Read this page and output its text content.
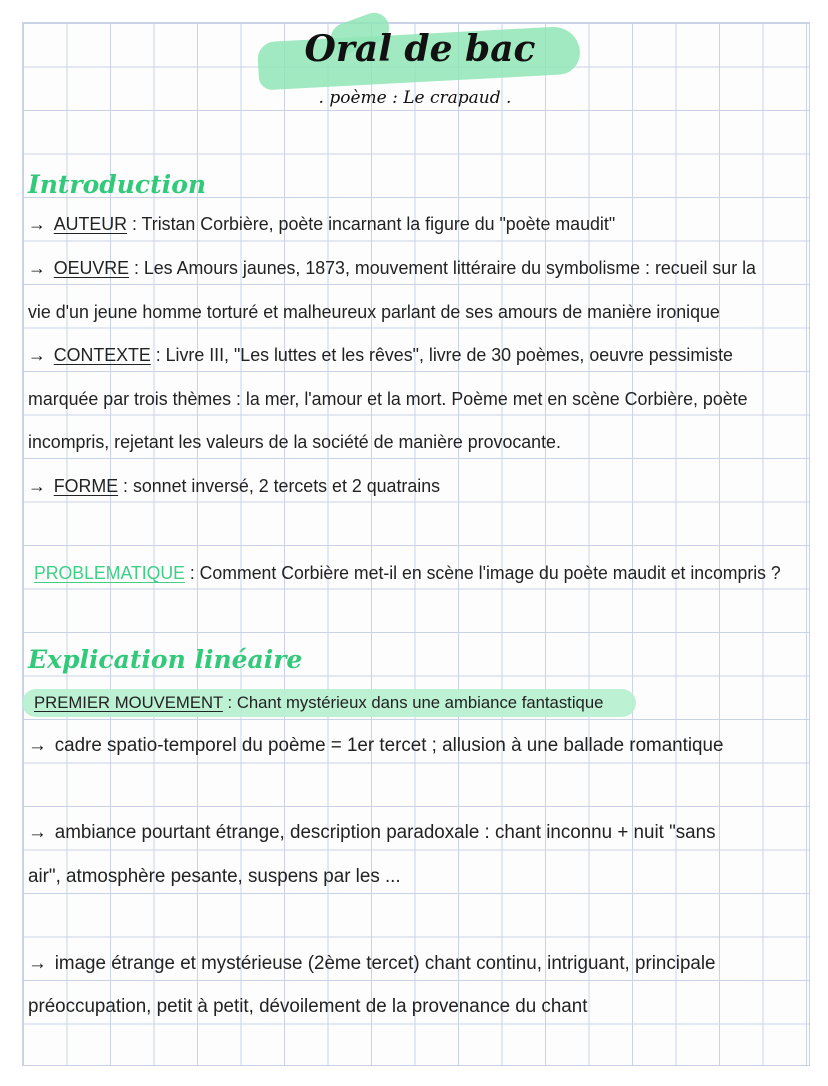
Oral de bac
. poème : Le crapaud .
Introduction
→ AUTEUR : Tristan Corbière, poète incarnant la figure du "poète maudit"
→ OEUVRE : Les Amours jaunes, 1873, mouvement littéraire du symbolisme : recueil sur la
vie d'un jeune homme torturé et malheureux parlant de ses amours de manière ironique
→ CONTEXTE : Livre III, "Les luttes et les rêves", livre de 30 poèmes, oeuvre pessimiste
marquée par trois thèmes : la mer, l'amour et la mort. Poème met en scène Corbière, poète
incompris, rejetant les valeurs de la société de manière provocante.
→ FORME : sonnet inversé, 2 tercets et 2 quatrains
PROBLEMATIQUE : Comment Corbière met-il en scène l'image du poète maudit et incompris ?
Explication linéaire
PREMIER MOUVEMENT : Chant mystérieux dans une ambiance fantastique
→ cadre spatio-temporel du poème = 1er tercet ; allusion à une ballade romantique
→ ambiance pourtant étrange, description paradoxale : chant inconnu + nuit "sans
air", atmosphère pesante, suspens par les ...
→ image étrange et mystérieuse (2ème tercet) chant continu, intriguant, principale
préoccupation, petit à petit, dévoilement de la provenance du chant
